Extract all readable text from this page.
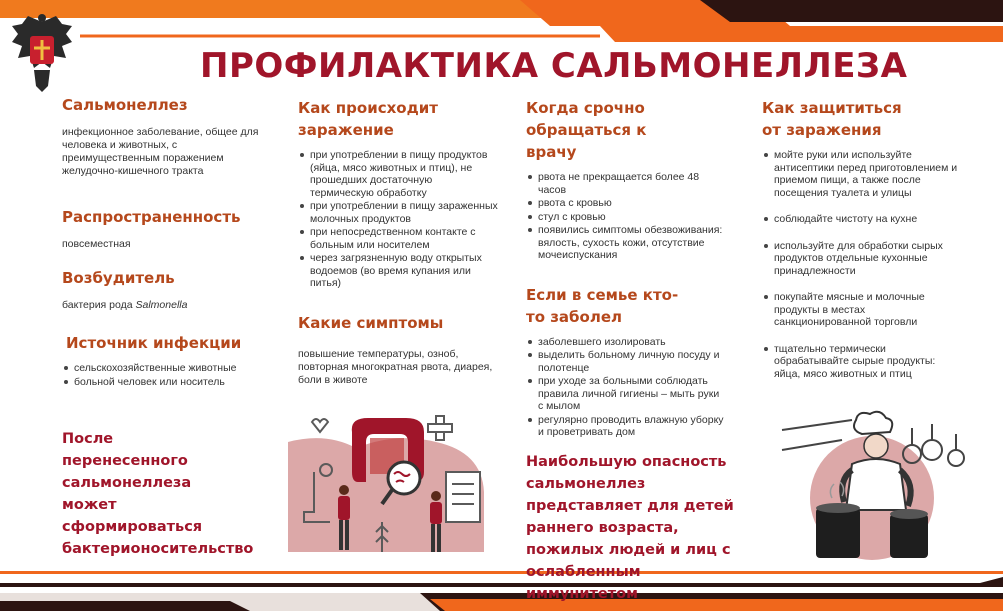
ПРОФИЛАКТИКА САЛЬМОНЕЛЛЕЗА
Сальмонеллез
инфекционное заболевание, общее для человека и животных, с преимущественным поражением желудочно-кишечного тракта
Распространенность
повсеместная
Возбудитель
бактерия рода Salmonella
Источник инфекции
сельскохозяйственные животные
больной человек или носитель
После перенесенного сальмонеллеза может сформироваться бактерионосительство
Как происходит заражение
при употреблении в пищу продуктов (яйца, мясо животных и птиц), не прошедших достаточную термическую обработку
при употреблении в пищу зараженных молочных продуктов
при непосредственном контакте с больным или носителем
через загрязненную воду открытых водоемов (во время купания или питья)
Какие симптомы
повышение температуры, озноб, повторная многократная рвота, диарея, боли в животе
Когда срочно обращаться к врачу
рвота не прекращается более 48 часов
рвота с кровью
стул с кровью
появились симптомы обезвоживания: вялость, сухость кожи, отсутствие мочеиспускания
Если в семье кто-то заболел
заболевшего изолировать
выделить больному личную посуду и полотенце
при уходе за больными соблюдать правила личной гигиены – мыть руки с мылом
регулярно проводить влажную уборку и проветривать дом
Наибольшую опасность сальмонеллез представляет для детей раннего возраста, пожилых людей и лиц с ослабленным иммунитетом
Как защититься от заражения
мойте руки или используйте антисептики перед приготовлением и приемом пищи, а также после посещения туалета и улицы
соблюдайте чистоту на кухне
используйте для обработки сырых продуктов отдельные кухонные принадлежности
покупайте мясные и молочные продукты в местах санкционированной торговли
тщательно термически обрабатывайте сырые продукты: яйца, мясо животных и птиц
